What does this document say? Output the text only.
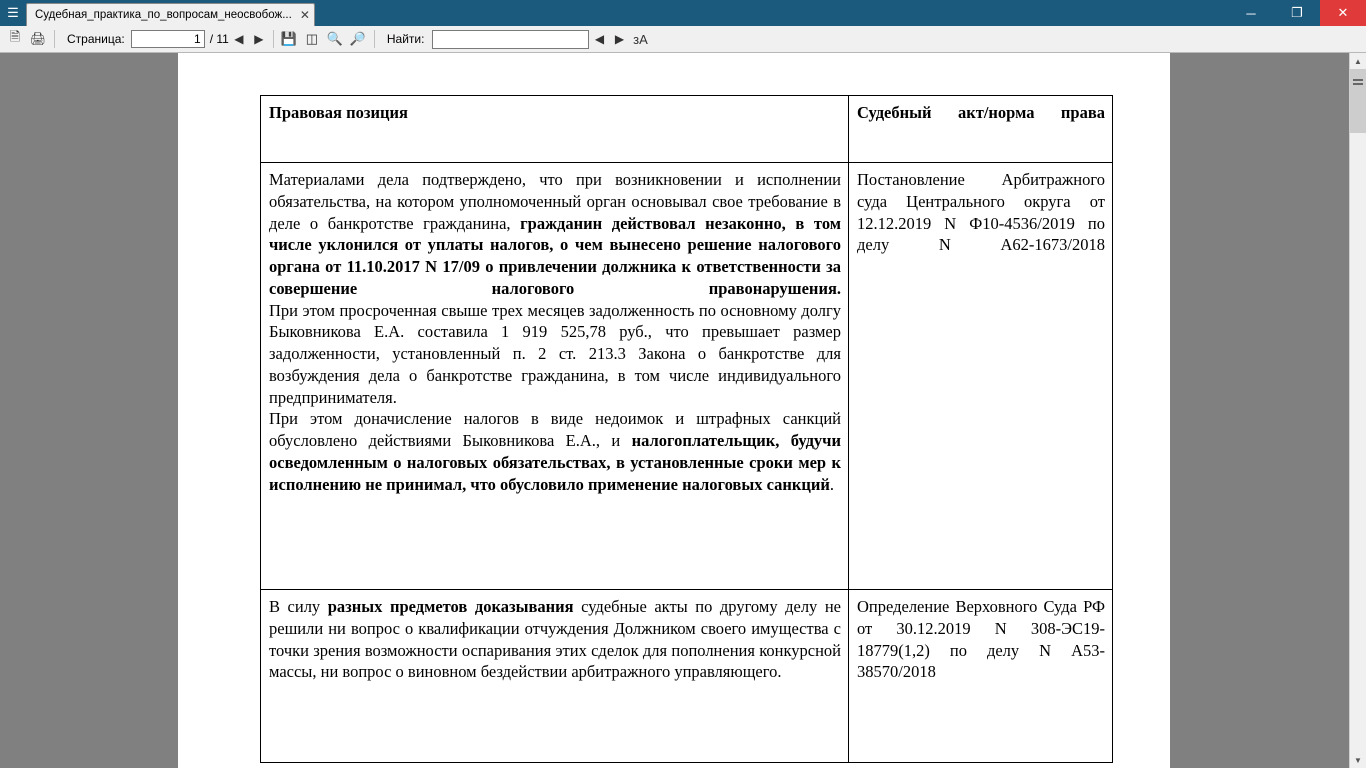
☰	Судебная_практика_по_вопросам_неосвобож... ✕	─	❐	✕
🗎 🖨 Страница:
1	/ 11 ◀ ▶	💾 ◫ 🔍 🔎 Найти:	◀ ▶ зA
Правовая позиция	Судебный акт/норма права

Материалами дела подтверждено, что при возникновении и исполнении обязательства, на котором уполномоченный орган основывал свое требование в деле о банкротстве гражданина, гражданин действовал незаконно, в том числе уклонился от уплаты налогов, о чем вынесено решение налогового органа от 11.10.2017 N 17/09 о привлечении должника к ответственности за совершение налогового правонарушения.

При этом просроченная свыше трех месяцев задолженность по основному долгу Быковникова Е.А. составила 1 919 525,78 руб., что превышает размер задолженности, установленный п. 2 ст. 213.3 Закона о банкротстве для возбуждения дела о банкротстве гражданина, в том числе индивидуального предпринимателя.

При этом доначисление налогов в виде недоимок и штрафных санкций обусловлено действиями Быковникова Е.А., и налогоплательщик, будучи осведомленным о налоговых обязательствах, в установленные сроки мер к исполнению не принимал, что обусловило применение налоговых санкций.	Постановление Арбитражного суда Центрального округа от 12.12.2019 N Ф10-4536/2019 по делу N А62-1673/2018

В силу разных предметов доказывания судебные акты по другому делу не решили ни вопрос о квалификации отчуждения Должником своего имущества с точки зрения возможности оспаривания этих сделок для пополнения конкурсной массы, ни вопрос о виновном бездействии арбитражного управляющего.	Определение Верховного Суда РФ от 30.12.2019 N 308-ЭС19-18779(1,2) по делу N А53-38570/2018
▲
▼
